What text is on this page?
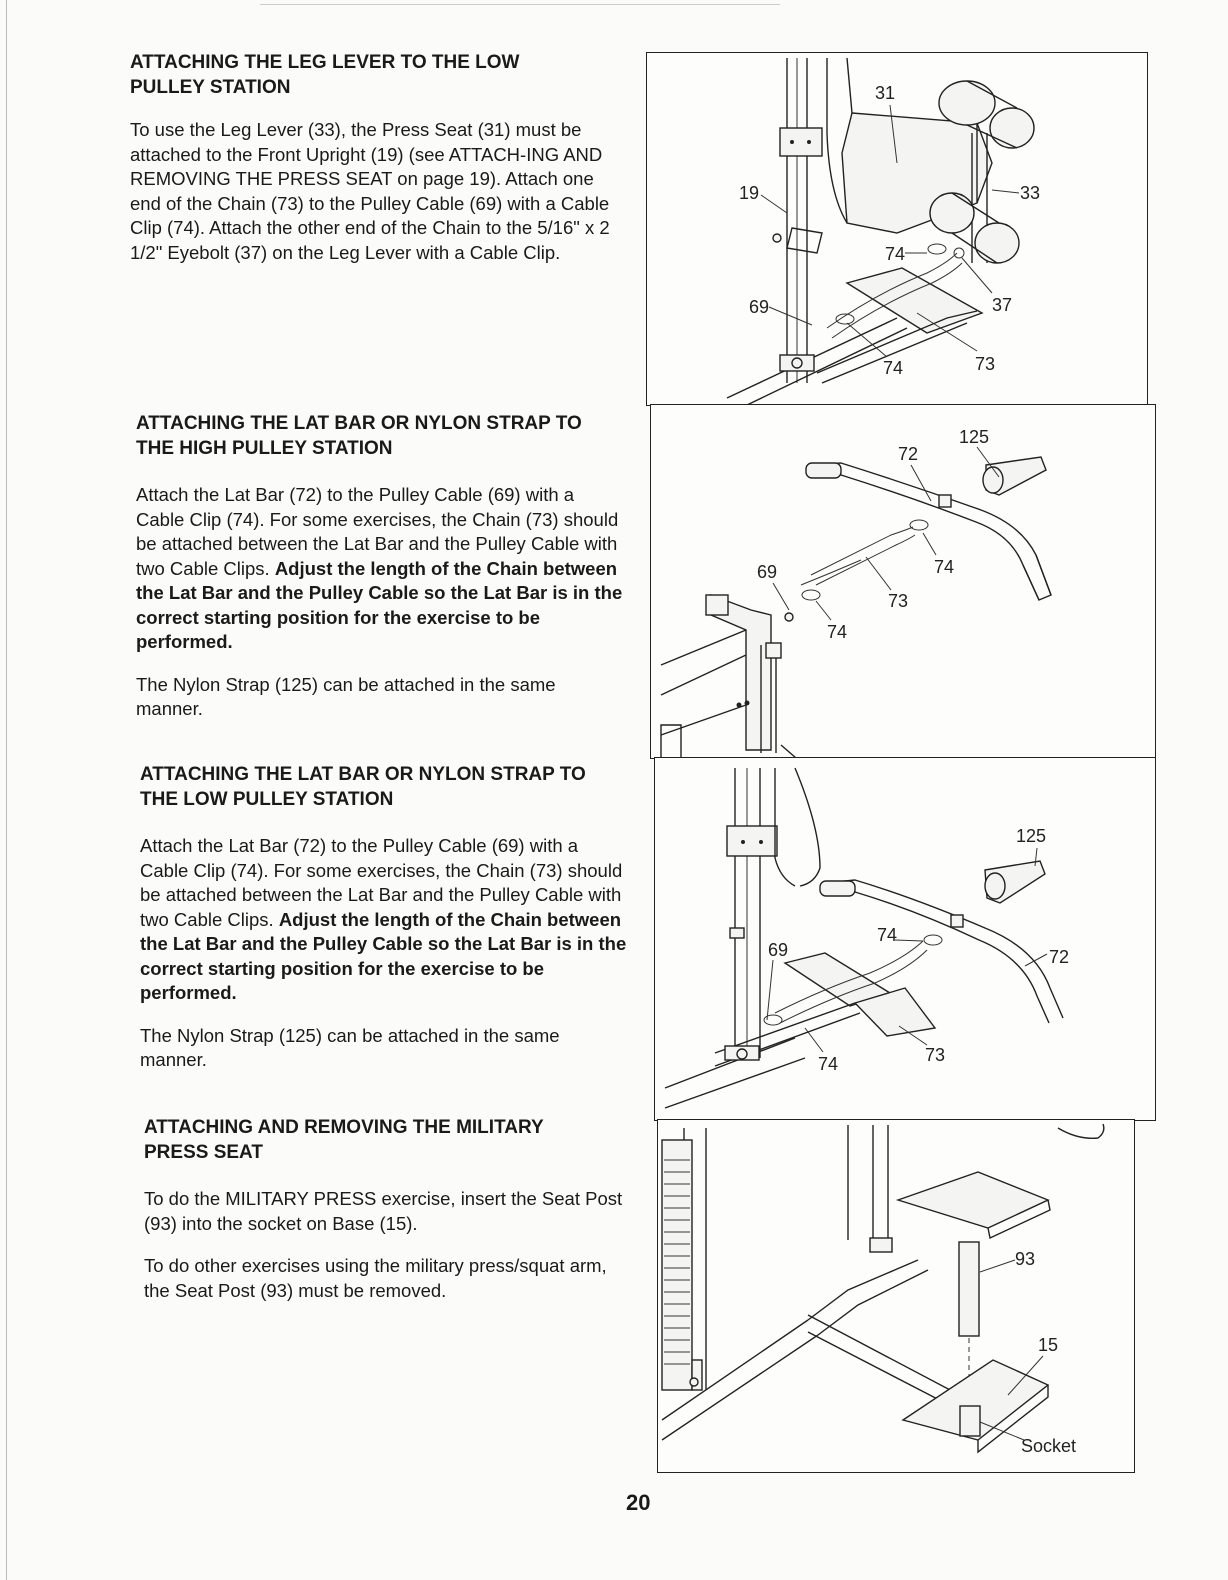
ATTACHING THE LEG LEVER TO THE LOW
PULLEY STATION

To use the Leg Lever (33), the Press Seat (31) must be attached to the Front Upright (19) (see ATTACH-ING AND REMOVING THE PRESS SEAT on page 19). Attach one end of the Chain (73) to the Pulley Cable (69) with a Cable Clip (74). Attach the other end of the Chain to the 5/16" x 2 1/2" Eyebolt (37) on the Leg Lever with a Cable Clip.

ATTACHING THE LAT BAR OR NYLON STRAP TO
THE HIGH PULLEY STATION

Attach the Lat Bar (72) to the Pulley Cable (69) with a Cable Clip (74). For some exercises, the Chain (73) should be attached between the Lat Bar and the Pulley Cable with two Cable Clips. Adjust the length of the Chain between the Lat Bar and the Pulley Cable so the Lat Bar is in the correct starting position for the exercise to be performed.

The Nylon Strap (125) can be attached in the same manner.

ATTACHING THE LAT BAR OR NYLON STRAP TO
THE LOW PULLEY STATION

Attach the Lat Bar (72) to the Pulley Cable (69) with a Cable Clip (74). For some exercises, the Chain (73) should be attached between the Lat Bar and the Pulley Cable with two Cable Clips. Adjust the length of the Chain between the Lat Bar and the Pulley Cable so the Lat Bar is in the correct starting position for the exercise to be performed.

The Nylon Strap (125) can be attached in the same manner.

ATTACHING AND REMOVING THE MILITARY
PRESS SEAT

To do the MILITARY PRESS exercise, insert the Seat Post (93) into the socket on Base (15).

To do other exercises using the military press/squat arm, the Seat Post (93) must be removed.

31
33
19
74
37
69
74	73
125
72
74
69
73
74
125
74
69	72
74	73
93
15
Socket
20
